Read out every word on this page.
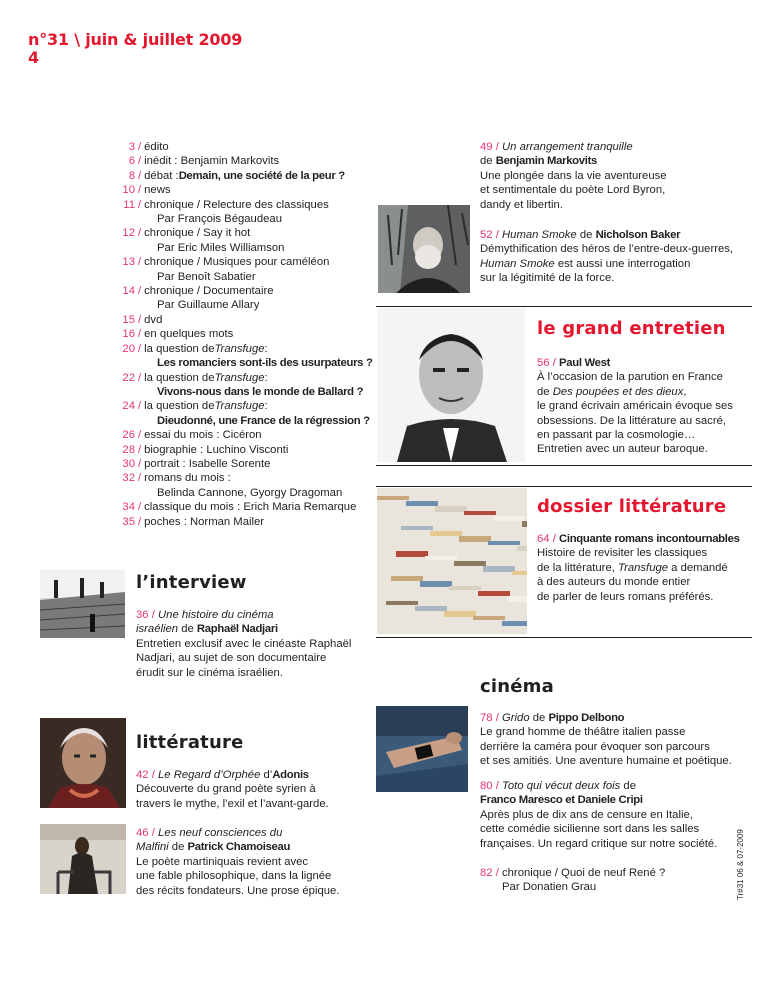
n°31 \ juin & juillet 2009
4
3 / édito
6 / inédit : Benjamin Markovits
8 / débat : Demain, une société de la peur ?
10 / news
11 / chronique / Relecture des classiques
Par François Bégaudeau
12 / chronique / Say it hot
Par Eric Miles Williamson
13 / chronique / Musiques pour caméléon
Par Benoît Sabatier
14 / chronique / Documentaire
Par Guillaume Allary
15 / dvd
16 / en quelques mots
20 / la question de Transfuge :
Les romanciers sont-ils des usurpateurs ?
22 / la question de Transfuge :
Vivons-nous dans le monde de Ballard ?
24 / la question de Transfuge :
Dieudonné, une France de la régression ?
26 / essai du mois : Cicéron
28 / biographie : Luchino Visconti
30 / portrait : Isabelle Sorente
32 / romans du mois :
Belinda Cannone, Gyorgy Dragoman
34 / classique du mois : Erich Maria Remarque
35 / poches : Norman Mailer
49 / Un arrangement tranquille
de Benjamin Markovits
Une plongée dans la vie aventureuse
et sentimentale du poète Lord Byron,
dandy et libertin.
52 / Human Smoke de Nicholson Baker
Démythification des héros de l’entre-deux-guerres,
Human Smoke est aussi une interrogation
sur la légitimité de la force.
le grand entretien
56 / Paul West
À l’occasion de la parution en France
de Des poupées et des dieux,
le grand écrivain américain évoque ses
obsessions. De la littérature au sacré,
en passant par la cosmologie…
Entretien avec un auteur baroque.
dossier littérature
64 / Cinquante romans incontournables
Histoire de revisiter les classiques
de la littérature, Transfuge a demandé
à des auteurs du monde entier
de parler de leurs romans préférés.
l’interview
36 / Une histoire du cinéma
israélien de Raphaël Nadjari
Entretien exclusif avec le cinéaste Raphaël
Nadjari, au sujet de son documentaire
érudit sur le cinéma israélien.
littérature
42 / Le Regard d’Orphée d’Adonis
Découverte du grand poète syrien à
travers le mythe, l’exil et l’avant-garde.
46 / Les neuf consciences du
Malfini de Patrick Chamoiseau
Le poète martiniquais revient avec
une fable philosophique, dans la lignée
des récits fondateurs. Une prose épique.
cinéma
78 / Grido de Pippo Delbono
Le grand homme de théâtre italien passe
derrière la caméra pour évoquer son parcours
et ses amitiés. Une aventure humaine et poétique.
80 / Toto qui vécut deux fois de
Franco Maresco et Daniele Cripi
Après plus de dix ans de censure en Italie,
cette comédie sicilienne sort dans les salles
françaises. Un regard critique sur notre société.
82 / chronique / Quoi de neuf René ?
Par Donatien Grau	Tr#31 06 & 07-2009
